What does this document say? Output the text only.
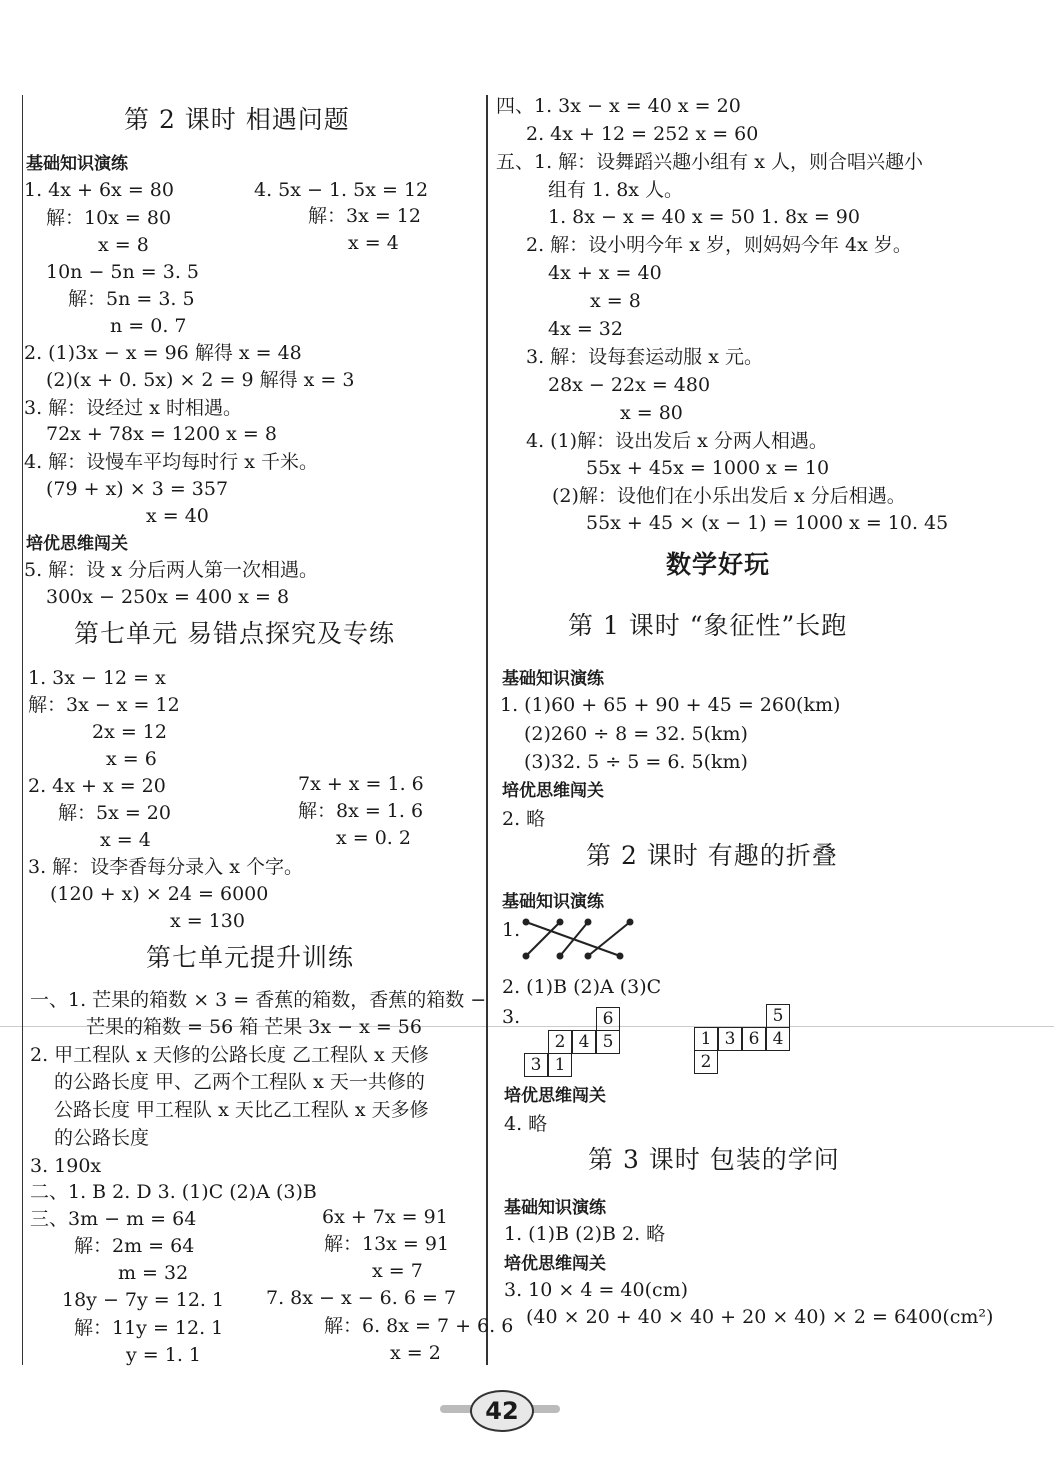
第 2 课时 相遇问题
基础知识演练
1. 4x + 6x = 80	4. 5x − 1. 5x = 12
解：10x = 80	解：3x = 12
x = 8	x = 4
10n − 5n = 3. 5
解：5n = 3. 5
n = 0. 7
2. (1)3x − x = 96 解得 x = 48
(2)(x + 0. 5x) × 2 = 9 解得 x = 3
3. 解：设经过 x 时相遇。
72x + 78x = 1200 x = 8
4. 解：设慢车平均每时行 x 千米。
(79 + x) × 3 = 357
x = 40
培优思维闯关
5. 解：设 x 分后两人第一次相遇。
300x − 250x = 400 x = 8
第七单元 易错点探究及专练
1. 3x − 12 = x
解：3x − x = 12
2x = 12
x = 6
2. 4x + x = 20	7x + x = 1. 6
解：5x = 20	解：8x = 1. 6
x = 4	x = 0. 2
3. 解：设李香每分录入 x 个字。
(120 + x) × 24 = 6000
x = 130
第七单元提升训练
一、1. 芒果的箱数 × 3 = 香蕉的箱数，香蕉的箱数 −
芒果的箱数 = 56 箱 芒果 3x − x = 56
2. 甲工程队 x 天修的公路长度 乙工程队 x 天修
的公路长度 甲、乙两个工程队 x 天一共修的
公路长度 甲工程队 x 天比乙工程队 x 天多修
的公路长度
3. 190x
二、1. B 2. D 3. (1)C (2)A (3)B
三、3m − m = 64	6x + 7x = 91
解：2m = 64	解：13x = 91
m = 32	x = 7
18y − 7y = 12. 1 7. 8x − x − 6. 6 = 7
解：11y = 12. 1	解：6. 8x = 7 + 6. 6
y = 1. 1	x = 2
四、1. 3x − x = 40 x = 20
2. 4x + 12 = 252 x = 60
五、1. 解：设舞蹈兴趣小组有 x 人，则合唱兴趣小
组有 1. 8x 人。
1. 8x − x = 40 x = 50 1. 8x = 90
2. 解：设小明今年 x 岁，则妈妈今年 4x 岁。
4x + x = 40
x = 8
4x = 32
3. 解：设每套运动服 x 元。
28x − 22x = 480
x = 80
4. (1)解：设出发后 x 分两人相遇。
55x + 45x = 1000 x = 10
(2)解：设他们在小乐出发后 x 分后相遇。
55x + 45 × (x − 1) = 1000 x = 10. 45
数学好玩
第 1 课时 “象征性”长跑
基础知识演练
1. (1)60 + 65 + 90 + 45 = 260(km)
(2)260 ÷ 8 = 32. 5(km)
(3)32. 5 ÷ 5 = 6. 5(km)
培优思维闯关
2. 略
第 2 课时 有趣的折叠
基础知识演练
1.
2. (1)B (2)A (3)C
3.	6
2 4 5
3 1
5
1 3 6 4
2
培优思维闯关
4. 略
第 3 课时 包装的学问
基础知识演练
1. (1)B (2)B 2. 略
培优思维闯关
3. 10 × 4 = 40(cm)
(40 × 20 + 40 × 40 + 20 × 40) × 2 = 6400(cm²)
42
